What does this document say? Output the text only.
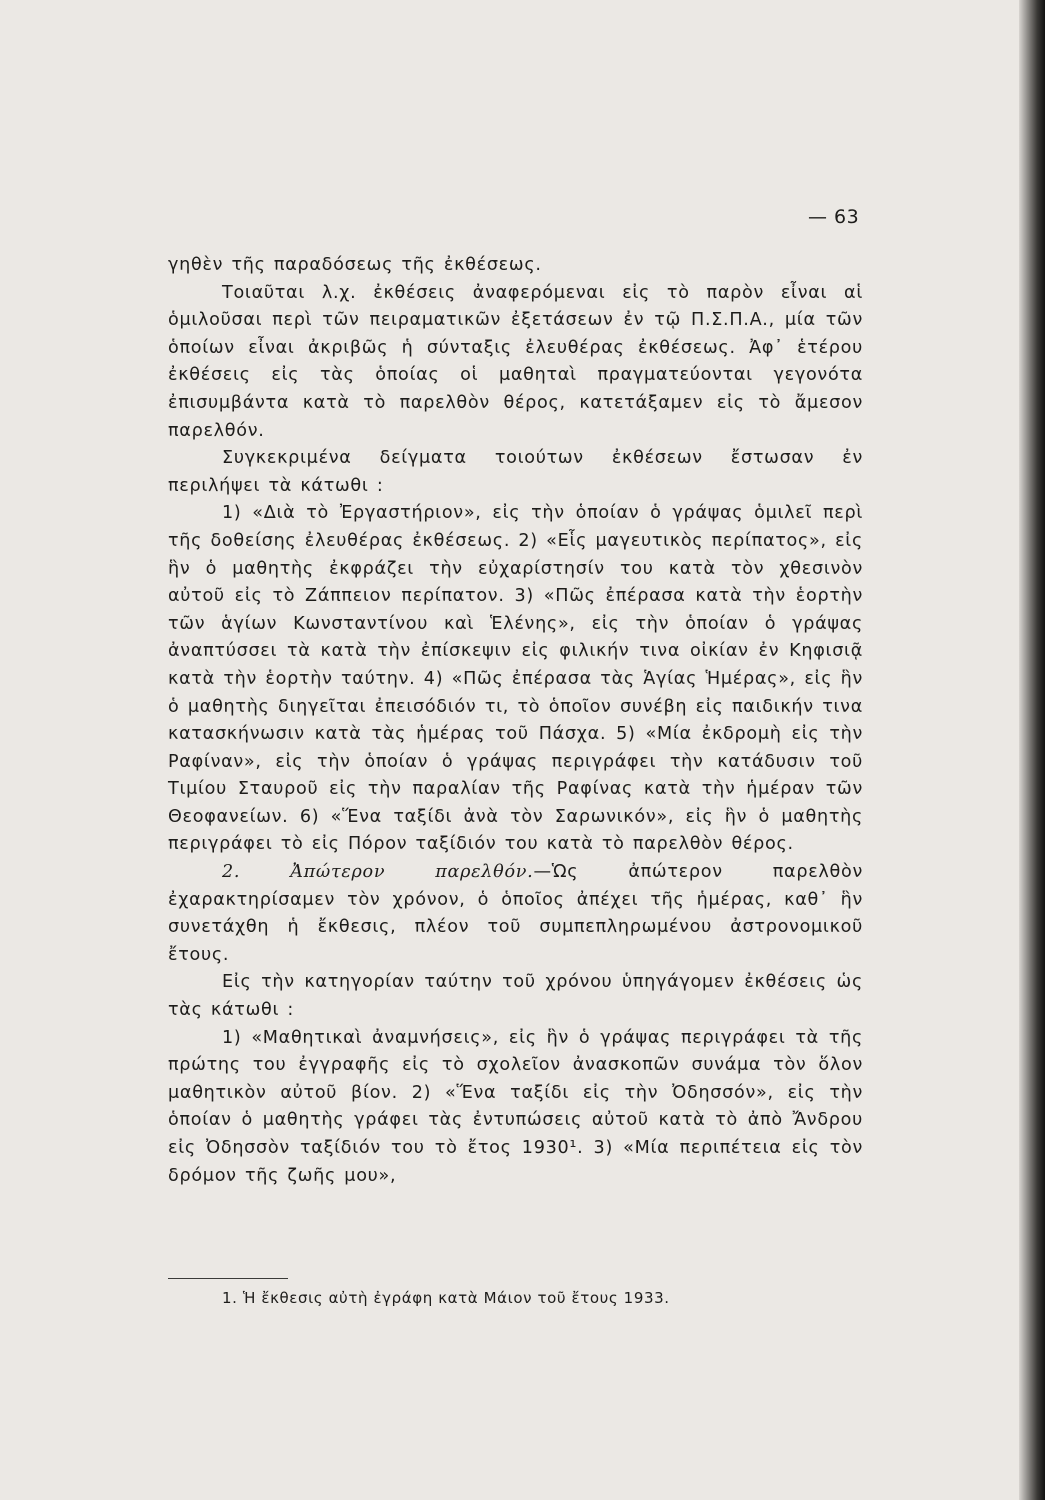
— 63

γηθὲν τῆς παραδόσεως τῆς ἐκθέσεως.

Τοιαῦται λ.χ. ἐκθέσεις ἀναφερόμεναι εἰς τὸ παρὸν εἶναι αἱ ὁμιλοῦσαι περὶ τῶν πειραματικῶν ἐξετάσεων ἐν τῷ Π.Σ.Π.Α., μία τῶν ὁποίων εἶναι ἀκριβῶς ἡ σύνταξις ἐλευθέρας ἐκθέσεως. Ἀφ᾿ ἑτέρου ἐκθέσεις εἰς τὰς ὁποίας οἱ μαθηταὶ πραγματεύονται γεγονότα ἐπισυμβάντα κατὰ τὸ παρελθὸν θέρος, κατετάξαμεν εἰς τὸ ἄμεσον παρελθόν.

Συγκεκριμένα δείγματα τοιούτων ἐκθέσεων ἔστωσαν ἐν περιλήψει τὰ κάτωθι :

1) «Διὰ τὸ Ἐργαστήριον», εἰς τὴν ὁποίαν ὁ γράψας ὁμιλεῖ περὶ τῆς δοθείσης ἐλευθέρας ἐκθέσεως. 2) «Εἷς μαγευτικὸς περίπατος», εἰς ἣν ὁ μαθητὴς ἐκφράζει τὴν εὐχαρίστησίν του κατὰ τὸν χθεσινὸν αὐτοῦ εἰς τὸ Ζάππειον περίπατον. 3) «Πῶς ἐπέρασα κατὰ τὴν ἑορτὴν τῶν ἁγίων Κωνσταντίνου καὶ Ἑλένης», εἰς τὴν ὁποίαν ὁ γράψας ἀναπτύσσει τὰ κατὰ τὴν ἐπίσκεψιν εἰς φιλικήν τινα οἰκίαν ἐν Κηφισιᾷ κατὰ τὴν ἑορτὴν ταύτην. 4) «Πῶς ἐπέρασα τὰς Ἁγίας Ἡμέρας», εἰς ἣν ὁ μαθητὴς διηγεῖται ἐπεισόδιόν τι, τὸ ὁποῖον συνέβη εἰς παιδικήν τινα κατασκήνωσιν κατὰ τὰς ἡμέρας τοῦ Πάσχα. 5) «Μία ἐκδρομὴ εἰς τὴν Ραφίναν», εἰς τὴν ὁποίαν ὁ γράψας περιγράφει τὴν κατάδυσιν τοῦ Τιμίου Σταυροῦ εἰς τὴν παραλίαν τῆς Ραφίνας κατὰ τὴν ἡμέραν τῶν Θεοφανείων. 6) «Ἕνα ταξίδι ἀνὰ τὸν Σαρωνικόν», εἰς ἣν ὁ μαθητὴς περιγράφει τὸ εἰς Πόρον ταξίδιόν του κατὰ τὸ παρελθὸν θέρος.

2. Ἀπώτερον παρελθόν.—Ὡς ἀπώτερον παρελθὸν ἐχαρακτηρίσαμεν τὸν χρόνον, ὁ ὁποῖος ἀπέχει τῆς ἡμέρας, καθ᾿ ἣν συνετάχθη ἡ ἔκθεσις, πλέον τοῦ συμπεπληρωμένου ἀστρονομικοῦ ἔτους.

Εἰς τὴν κατηγορίαν ταύτην τοῦ χρόνου ὑπηγάγομεν ἐκθέσεις ὡς τὰς κάτωθι :

1) «Μαθητικαὶ ἀναμνήσεις», εἰς ἣν ὁ γράψας περιγράφει τὰ τῆς πρώτης του ἐγγραφῆς εἰς τὸ σχολεῖον ἀνασκοπῶν συνάμα τὸν ὅλον μαθητικὸν αὐτοῦ βίον. 2) «Ἕνα ταξίδι εἰς τὴν Ὀδησσόν», εἰς τὴν ὁποίαν ὁ μαθητὴς γράφει τὰς ἐντυπώσεις αὐτοῦ κατὰ τὸ ἀπὸ Ἄνδρου εἰς Ὀδησσὸν ταξίδιόν του τὸ ἔτος 1930¹. 3) «Μία περιπέτεια εἰς τὸν δρόμον τῆς ζωῆς μου»,

1. Ἡ ἔκθεσις αὐτὴ ἐγράφη κατὰ Μάιον τοῦ ἔτους 1933.
